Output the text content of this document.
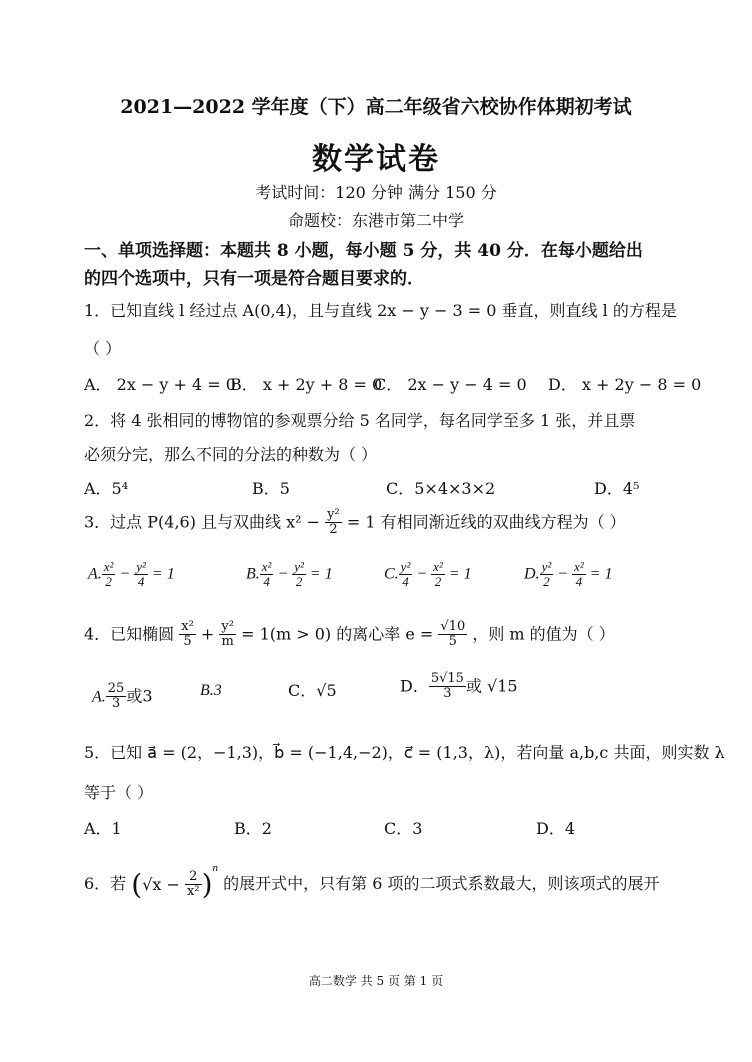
2021—2022 学年度（下）高二年级省六校协作体期初考试
数学试卷
考试时间：120 分钟 满分 150 分
命题校：东港市第二中学
一、单项选择题：本题共 8 小题，每小题 5 分，共 40 分．在每小题给出
的四个选项中，只有一项是符合题目要求的．
1．已知直线 l 经过点 A(0,4)，且与直线 2x − y − 3 = 0 垂直，则直线 l 的方程是
（ ）
A． 2x − y + 4 = 0
B． x + 2y + 8 = 0
C． 2x − y − 4 = 0 D． x + 2y − 8 = 0
2．将 4 张相同的博物馆的参观票分给 5 名同学，每名同学至多 1 张，并且票
必须分完，那么不同的分法的种数为（ ）
A．5⁴	B．5	C．5×4×3×2	D．4⁵
3．过点 P(4,6) 且与双曲线 $x^2 - \frac{\text{y²}}{2} = 1$ 有相同渐近线的双曲线方程为（ ）
A. $\frac{\text{x²}}{2} - \frac{\text{y²}}{4} = 1$	B. $\frac{\text{x²}}{4} - \frac{\text{y²}}{2} = 1$	C. $\frac{\text{y²}}{4} - \frac{\text{x²}}{2} = 1$	D. $\frac{\text{y²}}{2} - \frac{\text{x²}}{4} = 1$
4．已知椭圆 $\frac{\text{x²}}{5} + \frac{\text{y²}}{m} = 1(m > 0)$ 的离心率 $e = \frac{√10}{5}$ ，则 m 的值为（ ）
A. $\frac{25}{3}$ 或3	B.3	C．√5	D． $\frac{5√15}{3}$ 或 √15
5．已知 a⃗ = (2，−1,3)，b⃗ = (−1,4,−2)，c⃗ = (1,3，λ)，若向量 a,b,c 共面，则实数 λ
等于（ ）
A．1	B．2	C．3	D．4
6．若 $(√x - \frac{2}{\text{x²}} )^n$ 的展开式中，只有第 6 项的二项式系数最大，则该项式的展开
高二数学 共 5 页 第 1 页
